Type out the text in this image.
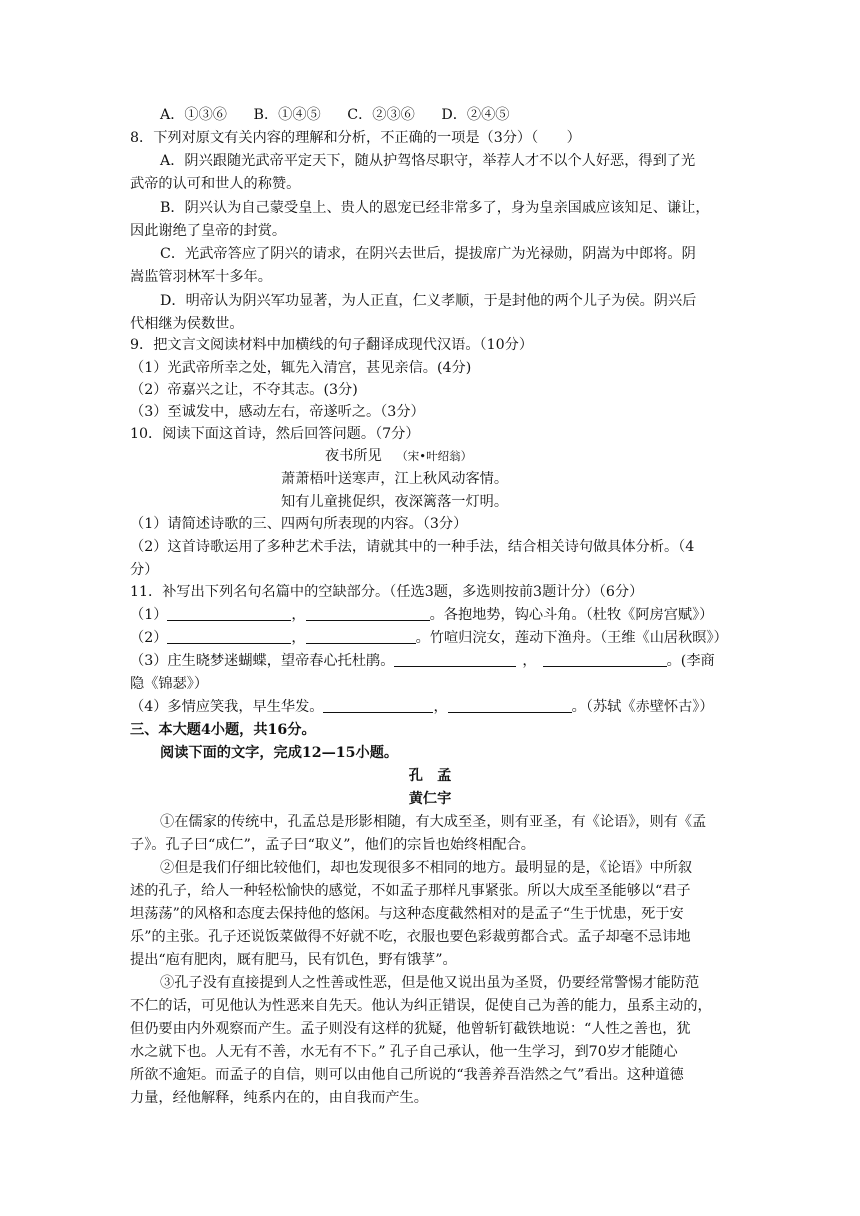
A．①③⑥ B．①④⑤ C．②③⑥ D．②④⑤
8．下列对原文有关内容的理解和分析，不正确的一项是（3分）（　　）
A．阴兴跟随光武帝平定天下，随从护驾恪尽职守，举荐人才不以个人好恶，得到了光
武帝的认可和世人的称赞。
B．阴兴认为自己蒙受皇上、贵人的恩宠已经非常多了，身为皇亲国戚应该知足、谦让，
因此谢绝了皇帝的封赏。
C．光武帝答应了阴兴的请求，在阴兴去世后，提拔席广为光禄勋，阴嵩为中郎将。阴
嵩监管羽林军十多年。
D．明帝认为阴兴军功显著，为人正直，仁义孝顺，于是封他的两个儿子为侯。阴兴后
代相继为侯数世。
9．把文言文阅读材料中加横线的句子翻译成现代汉语。（10分）
（1）光武帝所幸之处，辄先入清宫，甚见亲信。(4分)
（2）帝嘉兴之让，不夺其志。(3分)
（3）至诚发中，感动左右，帝遂听之。（3分）
10．阅读下面这首诗，然后回答问题。（7分）
夜书所见 （宋•叶绍翁）
萧萧梧叶送寒声，江上秋风动客情。
知有儿童挑促织，夜深篱落一灯明。
（1）请简述诗歌的三、四两句所表现的内容。（3分）
（2）这首诗歌运用了多种艺术手法，请就其中的一种手法，结合相关诗句做具体分析。（4
分）
11．补写出下列名句名篇中的空缺部分。（任选3题，多选则按前3题计分）（6分）
（1）	，	。各抱地势，钩心斗角。（杜牧《阿房宫赋》）
（2）	，	。竹喧归浣女，莲动下渔舟。（王维《山居秋暝》）
（3）庄生晓梦迷蝴蝶，望帝春心托杜鹃。	，	。(李商
隐《锦瑟》）
（4）多情应笑我，早生华发。	，	。（苏轼《赤壁怀古》）
三、本大题4小题，共16分。
阅读下面的文字，完成12—15小题。
孔　孟
黄仁宇
①在儒家的传统中，孔孟总是形影相随，有大成至圣，则有亚圣，有《论语》，则有《孟
子》。孔子曰“成仁”，孟子曰“取义”，他们的宗旨也始终相配合。
②但是我们仔细比较他们，却也发现很多不相同的地方。最明显的是，《论语》中所叙
述的孔子，给人一种轻松愉快的感觉，不如孟子那样凡事紧张。所以大成至圣能够以“君子
坦荡荡”的风格和态度去保持他的悠闲。与这种态度截然相对的是孟子“生于忧患，死于安
乐”的主张。孔子还说饭菜做得不好就不吃，衣服也要色彩裁剪都合式。孟子却毫不忌讳地
提出“庖有肥肉，厩有肥马，民有饥色，野有饿莩”。
③孔子没有直接提到人之性善或性恶，但是他又说出虽为圣贤，仍要经常警惕才能防范
不仁的话，可见他认为性恶来自先天。他认为纠正错误，促使自己为善的能力，虽系主动的，
但仍要由内外观察而产生。孟子则没有这样的犹疑，他曾斩钉截铁地说：“人性之善也，犹
水之就下也。人无有不善，水无有不下。” 孔子自己承认，他一生学习，到70岁才能随心
所欲不逾矩。而孟子的自信，则可以由他自己所说的“我善养吾浩然之气”看出。这种道德
力量，经他解释，纯系内在的，由自我而产生。
